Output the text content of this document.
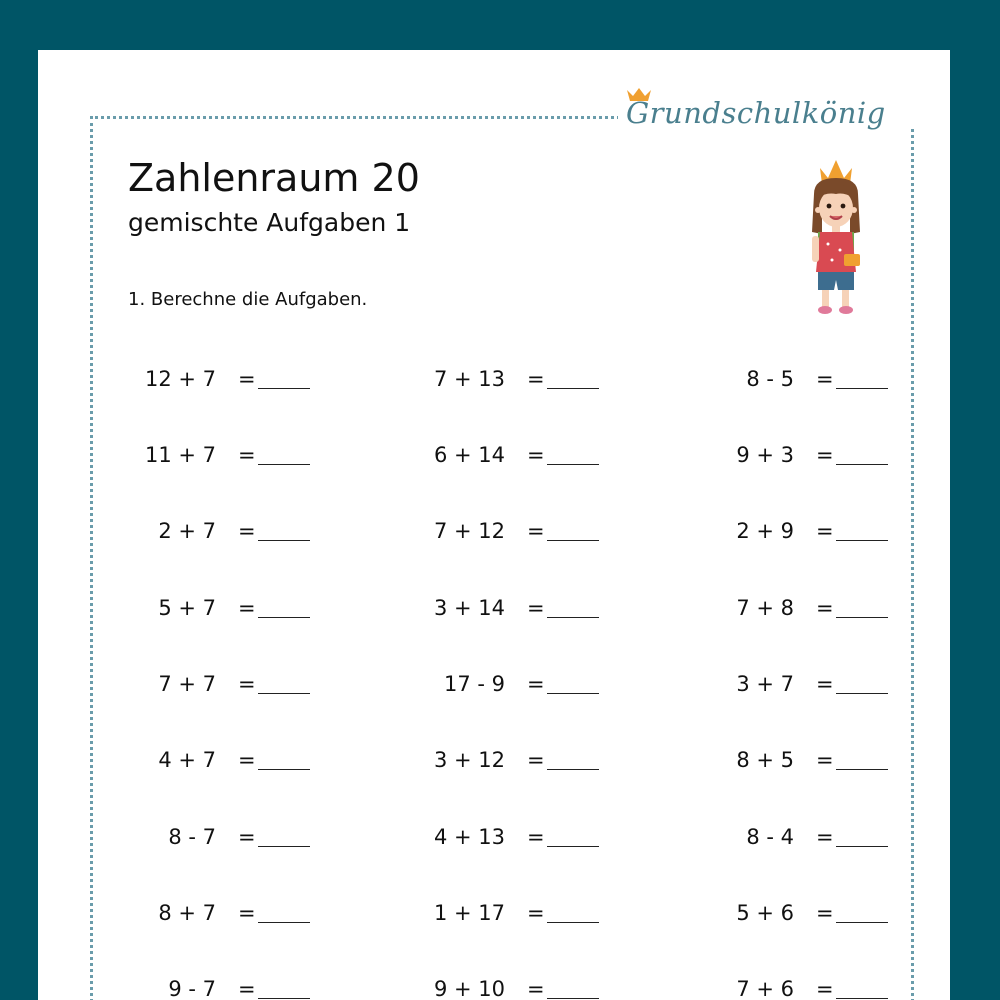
Grundschulkönig
Zahlenraum 20
gemischte Aufgaben 1
1. Berechne die Aufgaben.
12 + 7 =
11 + 7 =
2 + 7 =
5 + 7 =
7 + 7 =
4 + 7 =
8 - 7 =
8 + 7 =
9 - 7 =
7 + 13 =
6 + 14 =
7 + 12 =
3 + 14 =
17 - 9 =
3 + 12 =
4 + 13 =
1 + 17 =
9 + 10 =
8 - 5 =
9 + 3 =
2 + 9 =
7 + 8 =
3 + 7 =
8 + 5 =
8 - 4 =
5 + 6 =
7 + 6 =
